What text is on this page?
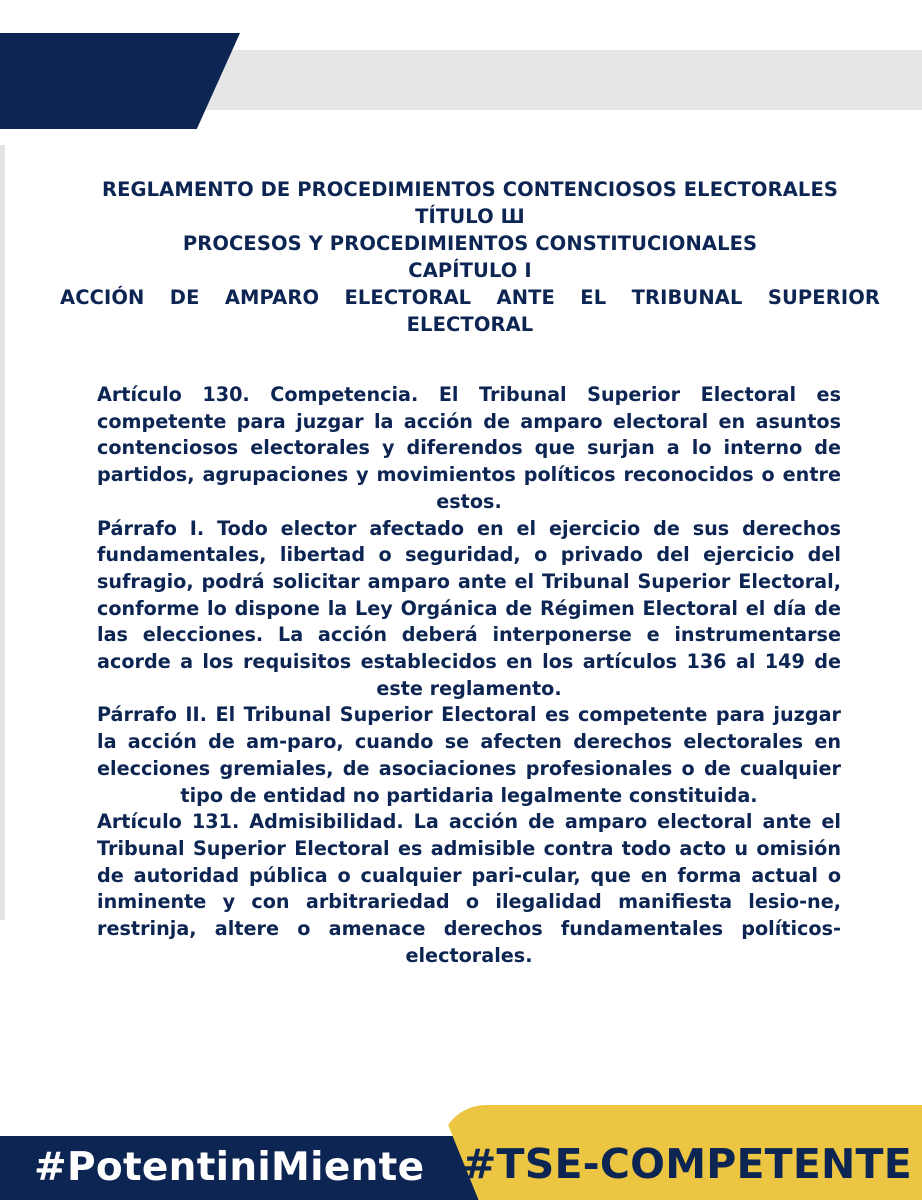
REGLAMENTO DE PROCEDIMIENTOS CONTENCIOSOS ELECTORALES
TÍTULO Ш
PROCESOS Y PROCEDIMIENTOS CONSTITUCIONALES
CAPÍTULO I
ACCIÓN DE AMPARO ELECTORAL ANTE EL TRIBUNAL SUPERIOR
ELECTORAL
Artículo 130. Competencia. El Tribunal Superior Electoral es competente para juzgar la acción de amparo electoral en asuntos contenciosos electorales y diferendos que surjan a lo interno de partidos, agrupaciones y movimientos políticos reconocidos o entre estos.
Párrafo I. Todo elector afectado en el ejercicio de sus derechos fundamentales, libertad o seguridad, o privado del ejercicio del sufragio, podrá solicitar amparo ante el Tribunal Superior Electoral, conforme lo dispone la Ley Orgánica de Régimen Electoral el día de las elecciones. La acción deberá interponerse e instrumentarse acorde a los requisitos establecidos en los artículos 136 al 149 de este reglamento.
Párrafo II. El Tribunal Superior Electoral es competente para juzgar la acción de am-paro, cuando se afecten derechos electorales en elecciones gremiales, de asociaciones profesionales o de cualquier tipo de entidad no partidaria legalmente constituida.
Artículo 131. Admisibilidad. La acción de amparo electoral ante el Tribunal Superior Electoral es admisible contra todo acto u omisión de autoridad pública o cualquier pari-cular, que en forma actual o inminente y con arbitrariedad o ilegalidad manifiesta lesio-ne, restrinja, altere o amenace derechos fundamentales políticos-electorales.
#PotentiniMiente #TSE-COMPETENTE
